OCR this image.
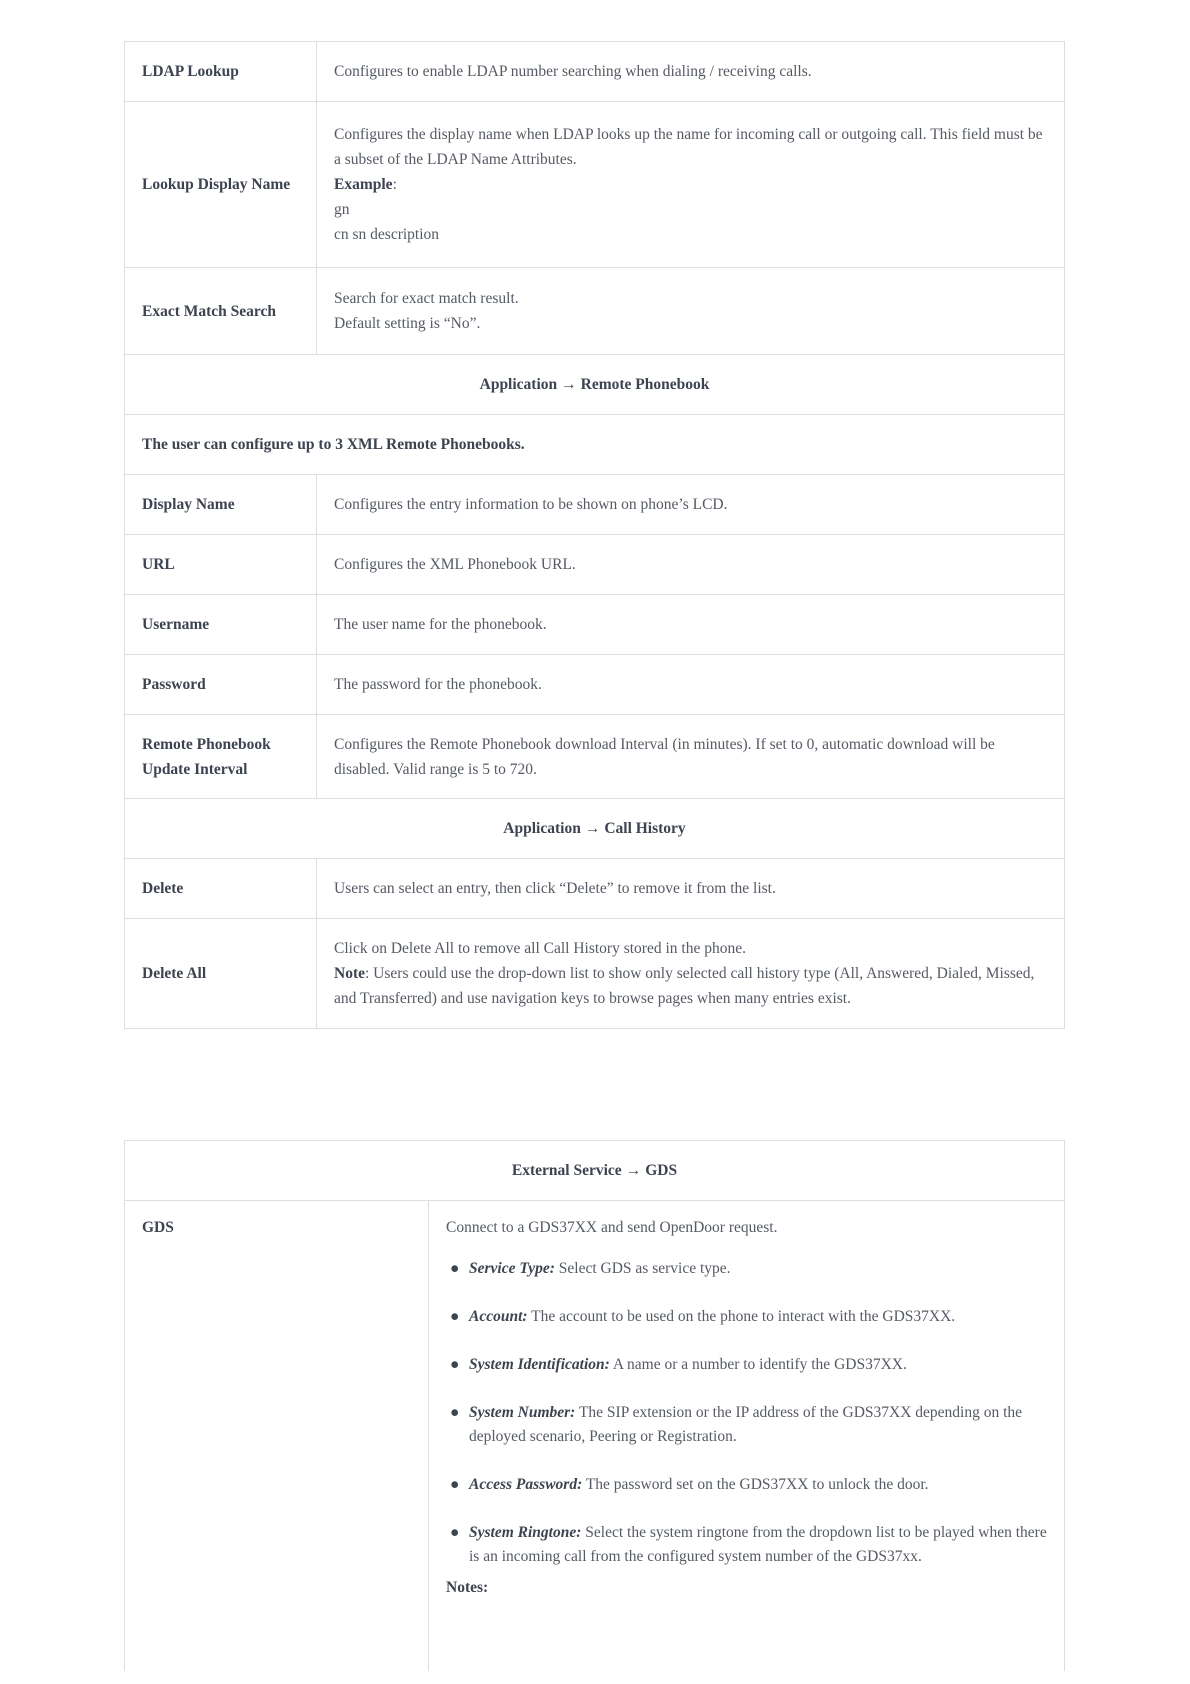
LDAP Lookup	Configures to enable LDAP number searching when dialing / receiving calls.
Lookup Display Name	Configures the display name when LDAP looks up the name for incoming call or outgoing call. This field must be a subset of the LDAP Name Attributes.
Example:
gn
cn sn description

Exact Match Search	Search for exact match result.
Default setting is “No”.

Application → Remote Phonebook	
The user can configure up to 3 XML Remote Phonebooks.	
Display Name	Configures the entry information to be shown on phone’s LCD.
URL	Configures the XML Phonebook URL.
Username	The user name for the phonebook.
Password	The password for the phonebook.

Remote Phonebook
Update Interval	Configures the Remote Phonebook download Interval (in minutes). If set to 0, automatic download will be disabled. Valid range is 5 to 720.
Application → Call History	
Delete	Users can select an entry, then click “Delete” to remove it from the list.
Delete All	Click on Delete All to remove all Call History stored in the phone.
Note: Users could use the drop-down list to show only selected call history type (All, Answered, Dialed, Missed, and Transferred) and use navigation keys to browse pages when many entries exist.
External Service → GDS
GDS	Connect to a GDS37XX and send OpenDoor request.
● Service Type: Select GDS as service type.
● Account: The account to be used on the phone to interact with the GDS37XX.
● System Identification: A name or a number to identify the GDS37XX.
● System Number: The SIP extension or the IP address of the GDS37XX depending on the deployed scenario, Peering or Registration.
● Access Password: The password set on the GDS37XX to unlock the door.
● System Ringtone: Select the system ringtone from the dropdown list to be played when there is an incoming call from the configured system number of the GDS37xx.
Notes:
